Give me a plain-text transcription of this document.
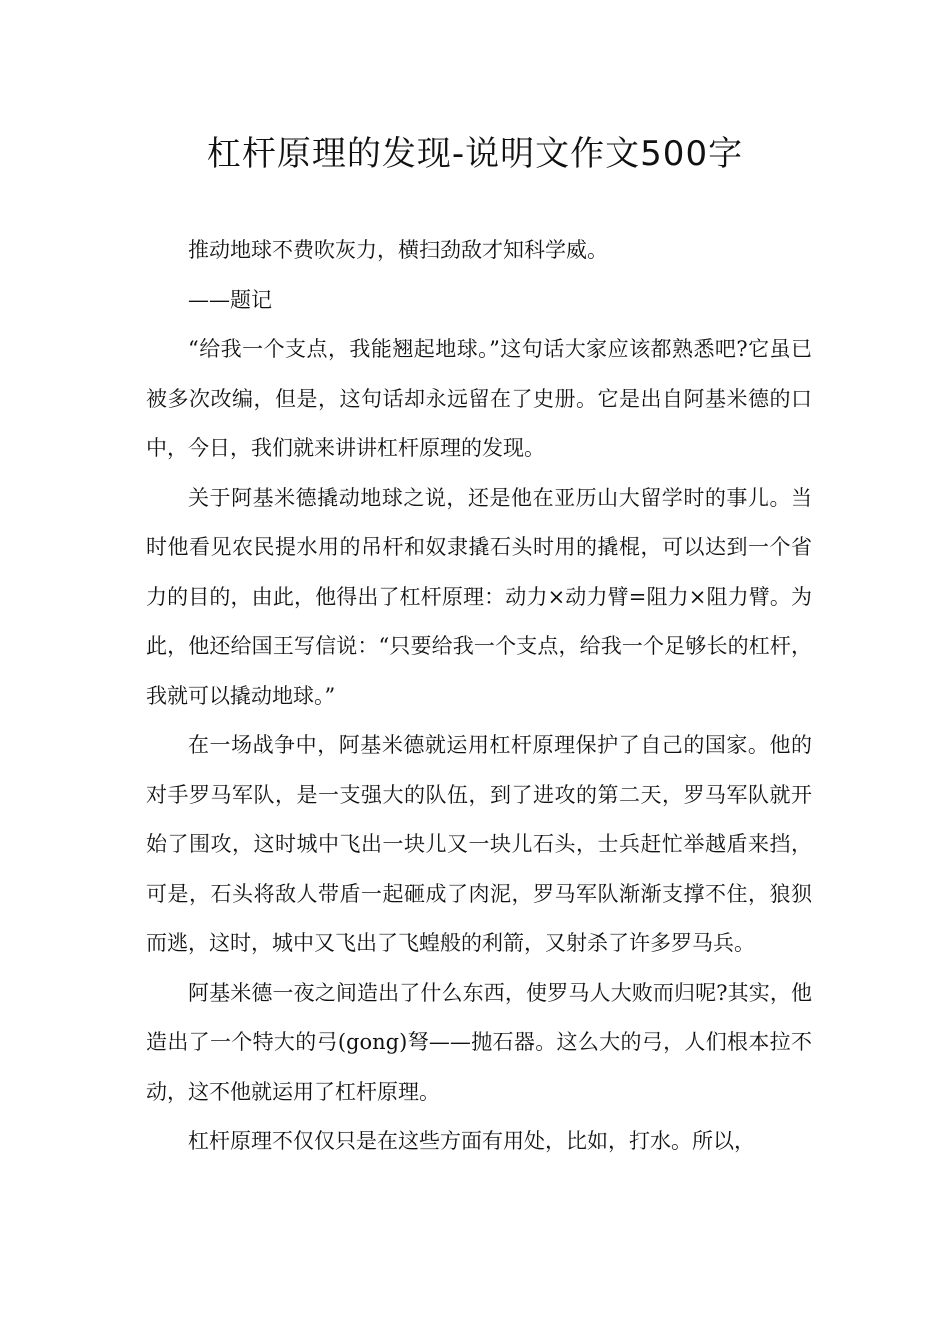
杠杆原理的发现-说明文作文500字

推动地球不费吹灰力，横扫劲敌才知科学威。

——题记

“给我一个支点，我能翘起地球。”这句话大家应该都熟悉吧?它虽已被多次改编，但是，这句话却永远留在了史册。它是出自阿基米德的口中，今日，我们就来讲讲杠杆原理的发现。

关于阿基米德撬动地球之说，还是他在亚历山大留学时的事儿。当时他看见农民提水用的吊杆和奴隶撬石头时用的撬棍，可以达到一个省力的目的，由此，他得出了杠杆原理：动力×动力臂=阻力×阻力臂。为此，他还给国王写信说：“只要给我一个支点，给我一个足够长的杠杆，我就可以撬动地球。”

在一场战争中，阿基米德就运用杠杆原理保护了自己的国家。他的对手罗马军队，是一支强大的队伍，到了进攻的第二天，罗马军队就开始了围攻，这时城中飞出一块儿又一块儿石头，士兵赶忙举越盾来挡，可是，石头将敌人带盾一起砸成了肉泥，罗马军队渐渐支撑不住，狼狈而逃，这时，城中又飞出了飞蝗般的利箭，又射杀了许多罗马兵。

阿基米德一夜之间造出了什么东西，使罗马人大败而归呢?其实，他造出了一个特大的弓(gong)弩——抛石器。这么大的弓，人们根本拉不动，这不他就运用了杠杆原理。

杠杆原理不仅仅只是在这些方面有用处，比如，打水。所以，
